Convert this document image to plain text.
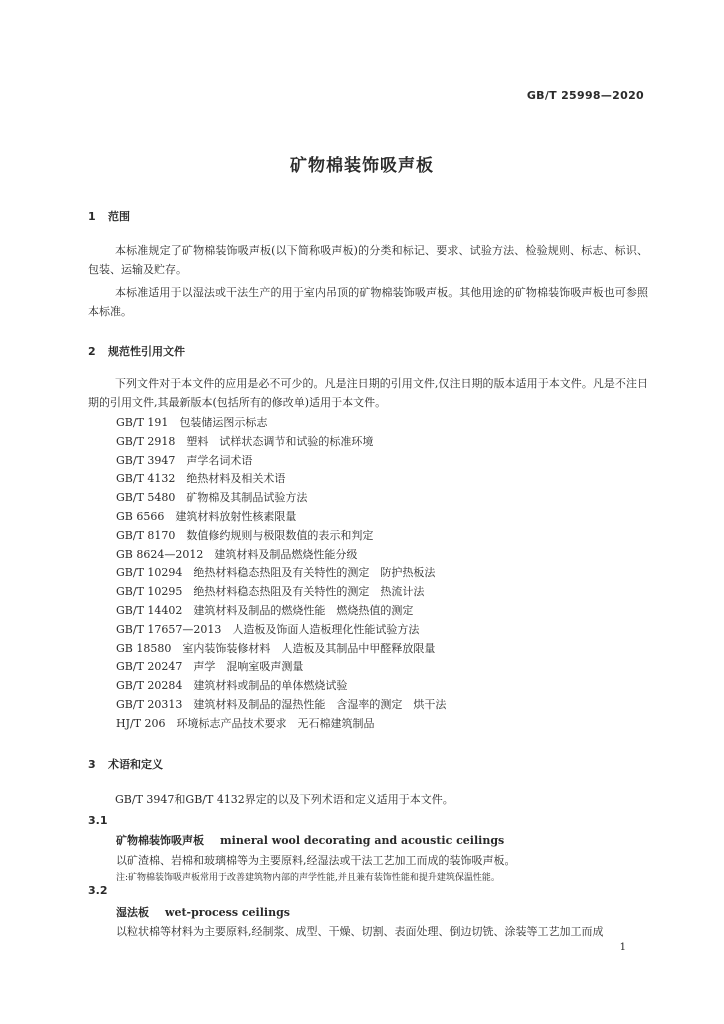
GB/T 25998—2020
矿物棉装饰吸声板
1 范围
本标准规定了矿物棉装饰吸声板(以下简称吸声板)的分类和标记、要求、试验方法、检验规则、标志、标识、包装、运输及贮存。
本标准适用于以湿法或干法生产的用于室内吊顶的矿物棉装饰吸声板。其他用途的矿物棉装饰吸声板也可参照本标准。
2 规范性引用文件
下列文件对于本文件的应用是必不可少的。凡是注日期的引用文件,仅注日期的版本适用于本文件。凡是不注日期的引用文件,其最新版本(包括所有的修改单)适用于本文件。
GB/T 191　包装储运图示标志
GB/T 2918　塑料　试样状态调节和试验的标准环境
GB/T 3947　声学名词术语
GB/T 4132　绝热材料及相关术语
GB/T 5480　矿物棉及其制品试验方法
GB 6566　建筑材料放射性核素限量
GB/T 8170　数值修约规则与极限数值的表示和判定
GB 8624—2012　建筑材料及制品燃烧性能分级
GB/T 10294　绝热材料稳态热阻及有关特性的测定　防护热板法
GB/T 10295　绝热材料稳态热阻及有关特性的测定　热流计法
GB/T 14402　建筑材料及制品的燃烧性能　燃烧热值的测定
GB/T 17657—2013　人造板及饰面人造板理化性能试验方法
GB 18580　室内装饰装修材料　人造板及其制品中甲醛释放限量
GB/T 20247　声学　混响室吸声测量
GB/T 20284　建筑材料或制品的单体燃烧试验
GB/T 20313　建筑材料及制品的湿热性能　含湿率的测定　烘干法
HJ/T 206　环境标志产品技术要求　无石棉建筑制品
3 术语和定义
GB/T 3947和GB/T 4132界定的以及下列术语和定义适用于本文件。
3.1
矿物棉装饰吸声板 mineral wool decorating and acoustic ceilings
以矿渣棉、岩棉和玻璃棉等为主要原料,经湿法或干法工艺加工而成的装饰吸声板。
注:矿物棉装饰吸声板常用于改善建筑物内部的声学性能,并且兼有装饰性能和提升建筑保温性能。
3.2
湿法板 wet-process ceilings
以粒状棉等材料为主要原料,经制浆、成型、干燥、切割、表面处理、倒边切铣、涂装等工艺加工而成
1
